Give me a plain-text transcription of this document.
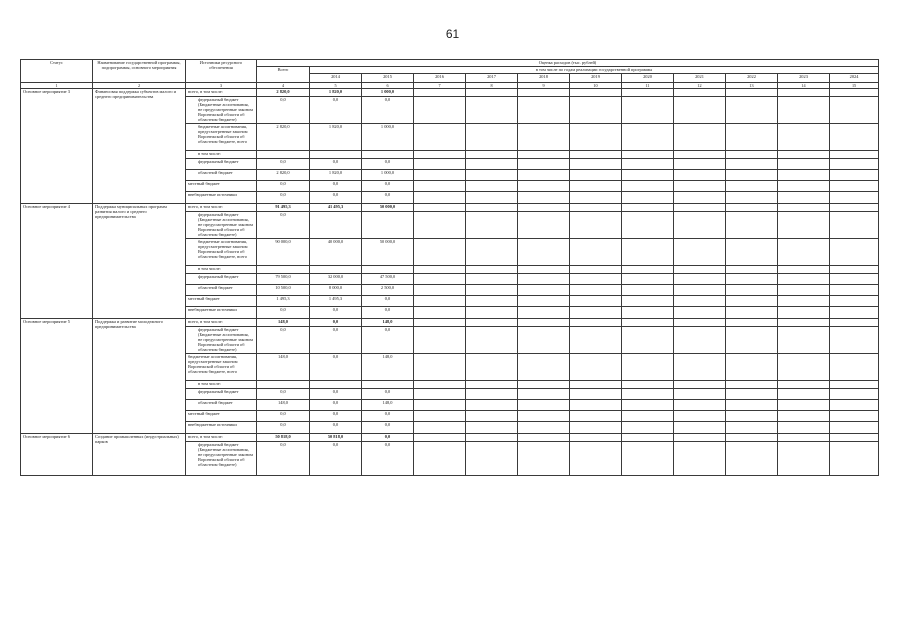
61
Статус	Наименование государственной программы, подпрограммы, основного мероприятия	Источники ресурсного обеспечения	Оценка расходов (тыс. рублей)											
			Всего	в том числе по годам реализации государственной программы										
				2014	2015	2016	2017	2018	2019	2020	2021	2022	2023	2024
1	2	3	4	5	6	7	8	9	10	11	12	13	14	15
Основное мероприятие 3	Финансовая поддержка субъектов малого и среднего предпринимательства	всего, в том числе:	2 820,0	1 820,0	1 000,0									
		федеральный бюджет (Бюджетные ассигнования, не предусмотренные законом Воронежской области об областном бюджете)	0,0	0,0	0,0									
		бюджетные ассигнования, предусмотренные законом Воронежской области об областном бюджете, всего	2 820,0	1 820,0	1 000,0									
		в том числе:												
		федеральный бюджет	0,0	0,0	0,0									
		областной бюджет	2 820,0	1 820,0	1 000,0									
		местный бюджет	0,0	0,0	0,0									
		внебюджетные источники	0,0	0,0	0,0									
Основное мероприятие 4	Поддержка муниципальных программ развития малого и среднего предпринимательства	всего, в том числе:	91 495,3	41 495,3	50 000,0									
		федеральный бюджет (Бюджетные ассигнования, не предусмотренные законом Воронежской области об областном бюджете)	0,0											
		бюджетные ассигнования, предусмотренные законом Воронежской области об областном бюджете, всего	90 000,0	40 000,0	50 000,0									
		в том числе:												
		федеральный бюджет	79 500,0	32 000,0	47 500,0									
		областной бюджет	10 500,0	8 000,0	2 500,0									
		местный бюджет	1 495,3	1 495,3	0,0									
		внебюджетные источники	0,0	0,0	0,0									
Основное мероприятие 5	Поддержка и развитие молодежного предпринимательства	всего, в том числе:	148,0	0,0	148,0									
		федеральный бюджет (Бюджетные ассигнования, не предусмотренные законом Воронежской области об областном бюджете)	0,0	0,0	0,0									
		бюджетные ассигнования, предусмотренные законом Воронежской области об областном бюджете, всего	148,0	0,0	148,0									
		в том числе:												
		федеральный бюджет	0,0	0,0	0,0									
		областной бюджет	148,0	0,0	148,0									
		местный бюджет	0,0	0,0	0,0									
		внебюджетные источники	0,0	0,0	0,0									
Основное мероприятие 6	Создание промышленных (индустриальных) парков	всего, в том числе:	50 818,0	50 818,0	0,0									
		федеральный бюджет (Бюджетные ассигнования, не предусмотренные законом Воронежской области об областном бюджете)	0,0	0,0	0,0									
